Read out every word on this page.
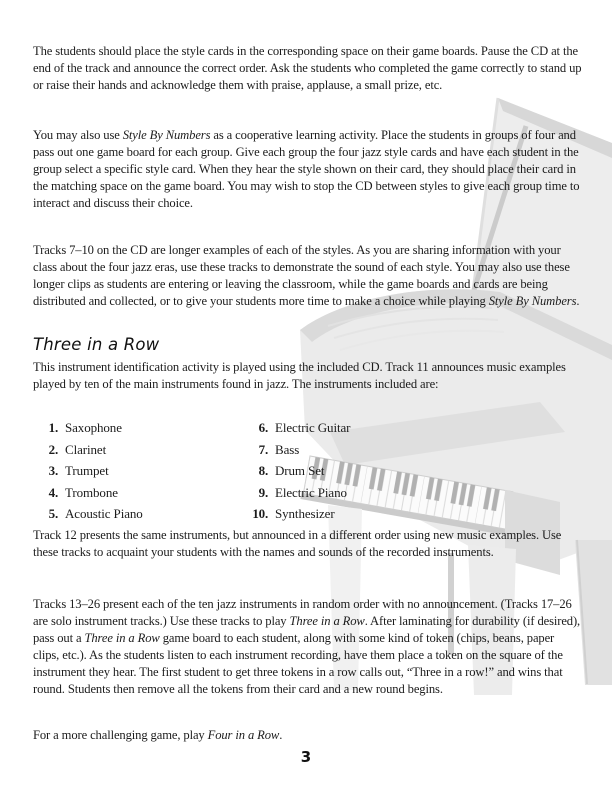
The students should place the style cards in the corresponding space on their game boards. Pause the CD at the end of the track and announce the correct order. Ask the students who completed the game correctly to stand up or raise their hands and acknowledge them with praise, applause, a small prize, etc.

You may also use Style By Numbers as a cooperative learning activity. Place the students in groups of four and pass out one game board for each group. Give each group the four jazz style cards and have each student in the group select a specific style card. When they hear the style shown on their card, they should place their card in the matching space on the game board. You may wish to stop the CD between styles to give each group time to interact and discuss their choice.

Tracks 7–10 on the CD are longer examples of each of the styles. As you are sharing information with your class about the four jazz eras, use these tracks to demonstrate the sound of each style. You may also use these longer clips as students are entering or leaving the classroom, while the game boards and cards are being distributed and collected, or to give your students more time to make a choice while playing Style By Numbers.

Three in a Row

This instrument identification activity is played using the included CD. Track 11 announces music examples played by ten of the main instruments found in jazz. The instruments included are:

1. Saxophone
2. Clarinet
3. Trumpet
4. Trombone
5. Acoustic Piano
6. Electric Guitar
7. Bass
8. Drum Set
9. Electric Piano
10. Synthesizer

Track 12 presents the same instruments, but announced in a different order using new music examples. Use these tracks to acquaint your students with the names and sounds of the recorded instruments.

Tracks 13–26 present each of the ten jazz instruments in random order with no announcement. (Tracks 17–26 are solo instrument tracks.) Use these tracks to play Three in a Row. After laminating for durability (if desired), pass out a Three in a Row game board to each student, along with some kind of token (chips, beans, paper clips, etc.). As the students listen to each instrument recording, have them place a token on the square of the instrument they hear. The first student to get three tokens in a row calls out, “Three in a row!” and wins that round. Students then remove all the tokens from their card and a new round begins.

For a more challenging game, play Four in a Row.

3
